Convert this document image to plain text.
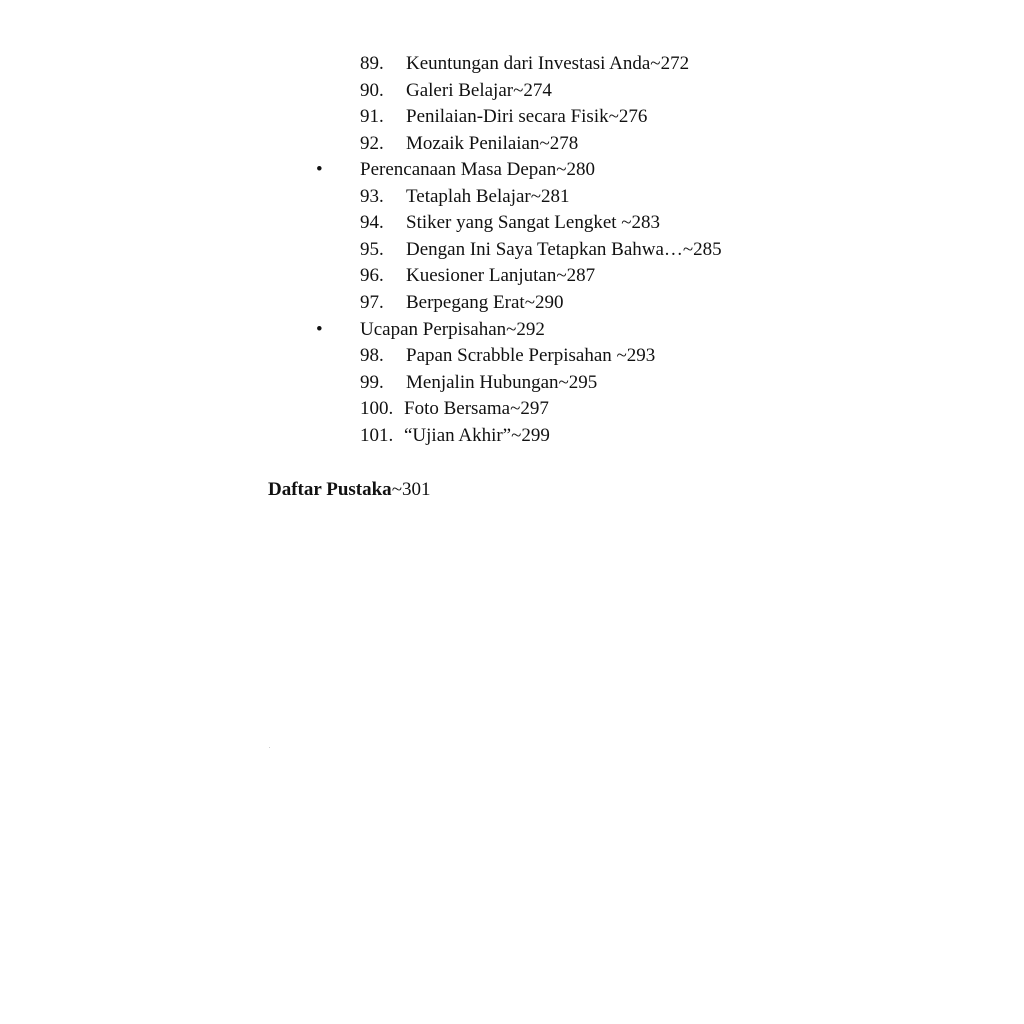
89. Keuntungan dari Investasi Anda~272
90. Galeri Belajar~274
91. Penilaian-Diri secara Fisik~276
92. Mozaik Penilaian~278
• Perencanaan Masa Depan~280
93. Tetaplah Belajar~281
94. Stiker yang Sangat Lengket ~283
95. Dengan Ini Saya Tetapkan Bahwa…~285
96. Kuesioner Lanjutan~287
97. Berpegang Erat~290
• Ucapan Perpisahan~292
98. Papan Scrabble Perpisahan ~293
99. Menjalin Hubungan~295
100. Foto Bersama~297
101. “Ujian Akhir”~299
Daftar Pustaka~301
